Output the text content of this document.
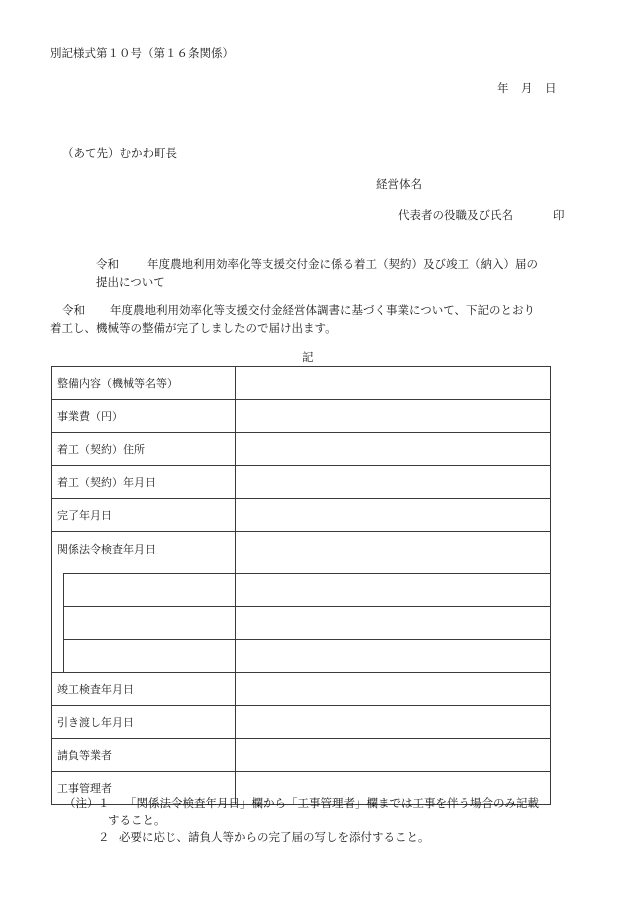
別記様式第１０号（第１６条関係）
年 月 日
（あて先）むかわ町長
経営体名
代表者の役職及び氏名	印
令和 年度農地利用効率化等支援交付金に係る着工（契約）及び竣工（納入）届の
提出について
令和 年度農地利用効率化等支援交付金経営体調書に基づく事業について、下記のとおり
着工し、機械等の整備が完了しましたので届け出ます。
記
整備内容（機械等名等）		
事業費（円）		
着工（契約）住所		
着工（契約）年月日		
完了年月日		
関係法令検査年月日		

竣工検査年月日		
引き渡し年月日		
請負等業者		
工事管理者		
（注） １ 「関係法令検査年月日」欄から「工事管理者」欄までは工事を伴う場合のみ記載
すること。
２ 必要に応じ、請負人等からの完了届の写しを添付すること。
